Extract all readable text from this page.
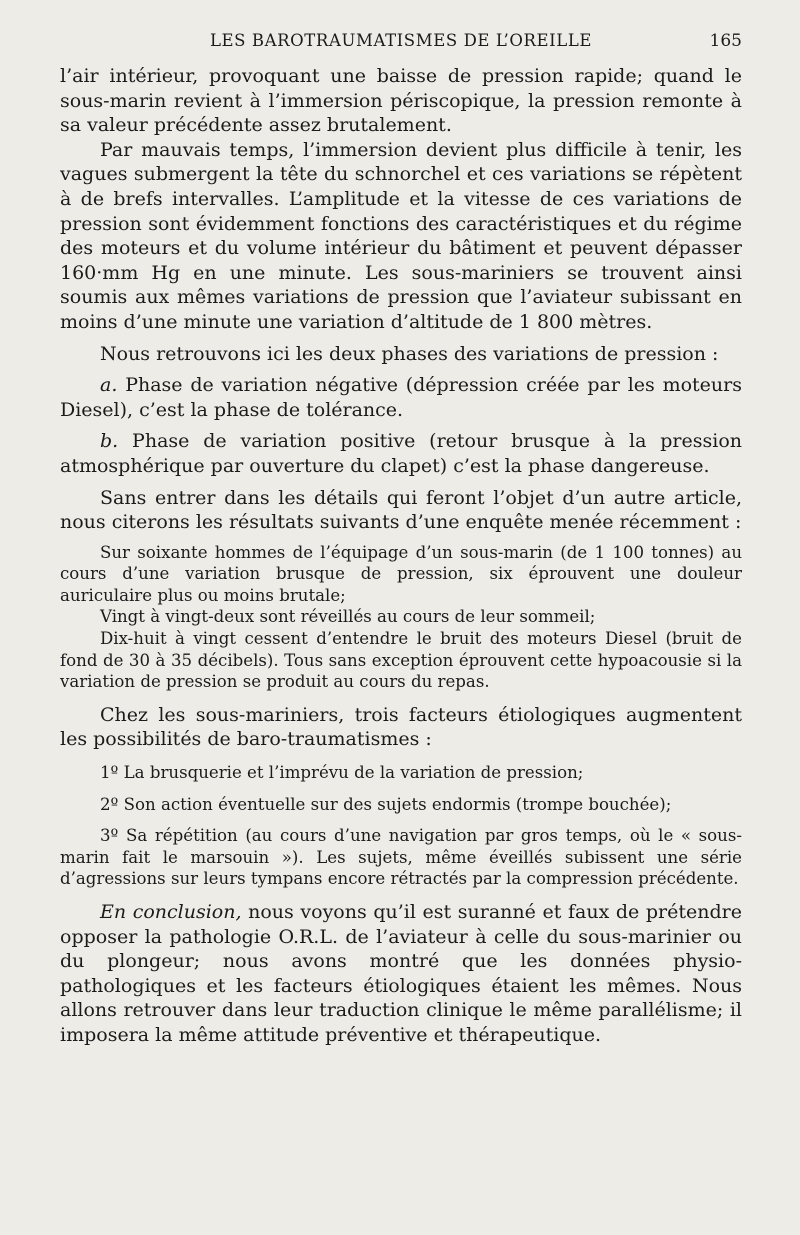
LES BAROTRAUMATISMES DE L’OREILLE	165

l’air intérieur, provoquant une baisse de pression rapide; quand le sous-marin revient à l’immersion périscopique, la pression remonte à sa valeur précédente assez brutalement.

Par mauvais temps, l’immersion devient plus difficile à tenir, les vagues submergent la tête du schnorchel et ces variations se répètent à de brefs intervalles. L’amplitude et la vitesse de ces variations de pression sont évidemment fonctions des caractéristiques et du régime des moteurs et du volume intérieur du bâtiment et peuvent dépasser 160·mm Hg en une minute. Les sous-mariniers se trouvent ainsi soumis aux mêmes variations de pression que l’aviateur subissant en moins d’une minute une variation d’altitude de 1 800 mètres.

Nous retrouvons ici les deux phases des variations de pression :

a. Phase de variation négative (dépression créée par les moteurs Diesel), c’est la phase de tolérance.

b. Phase de variation positive (retour brusque à la pression atmosphérique par ouverture du clapet) c’est la phase dangereuse.

Sans entrer dans les détails qui feront l’objet d’un autre article, nous citerons les résultats suivants d’une enquête menée récemment :

Sur soixante hommes de l’équipage d’un sous-marin (de 1 100 tonnes) au cours d’une variation brusque de pression, six éprouvent une douleur auriculaire plus ou moins brutale;

Vingt à vingt-deux sont réveillés au cours de leur sommeil;

Dix-huit à vingt cessent d’entendre le bruit des moteurs Diesel (bruit de fond de 30 à 35 décibels). Tous sans exception éprouvent cette hypoacousie si la variation de pression se produit au cours du repas.

Chez les sous-mariniers, trois facteurs étiologiques augmentent les possibilités de baro-traumatismes :

1º La brusquerie et l’imprévu de la variation de pression;

2º Son action éventuelle sur des sujets endormis (trompe bouchée);

3º Sa répétition (au cours d’une navigation par gros temps, où le « sous-marin fait le marsouin »). Les sujets, même éveillés subissent une série d’agressions sur leurs tympans encore rétractés par la compression précédente.

En conclusion, nous voyons qu’il est suranné et faux de prétendre opposer la pathologie O.R.L. de l’aviateur à celle du sous-marinier ou du plongeur; nous avons montré que les données physio-pathologiques et les facteurs étiologiques étaient les mêmes. Nous allons retrouver dans leur traduction clinique le même parallélisme; il imposera la même attitude préventive et thérapeutique.
